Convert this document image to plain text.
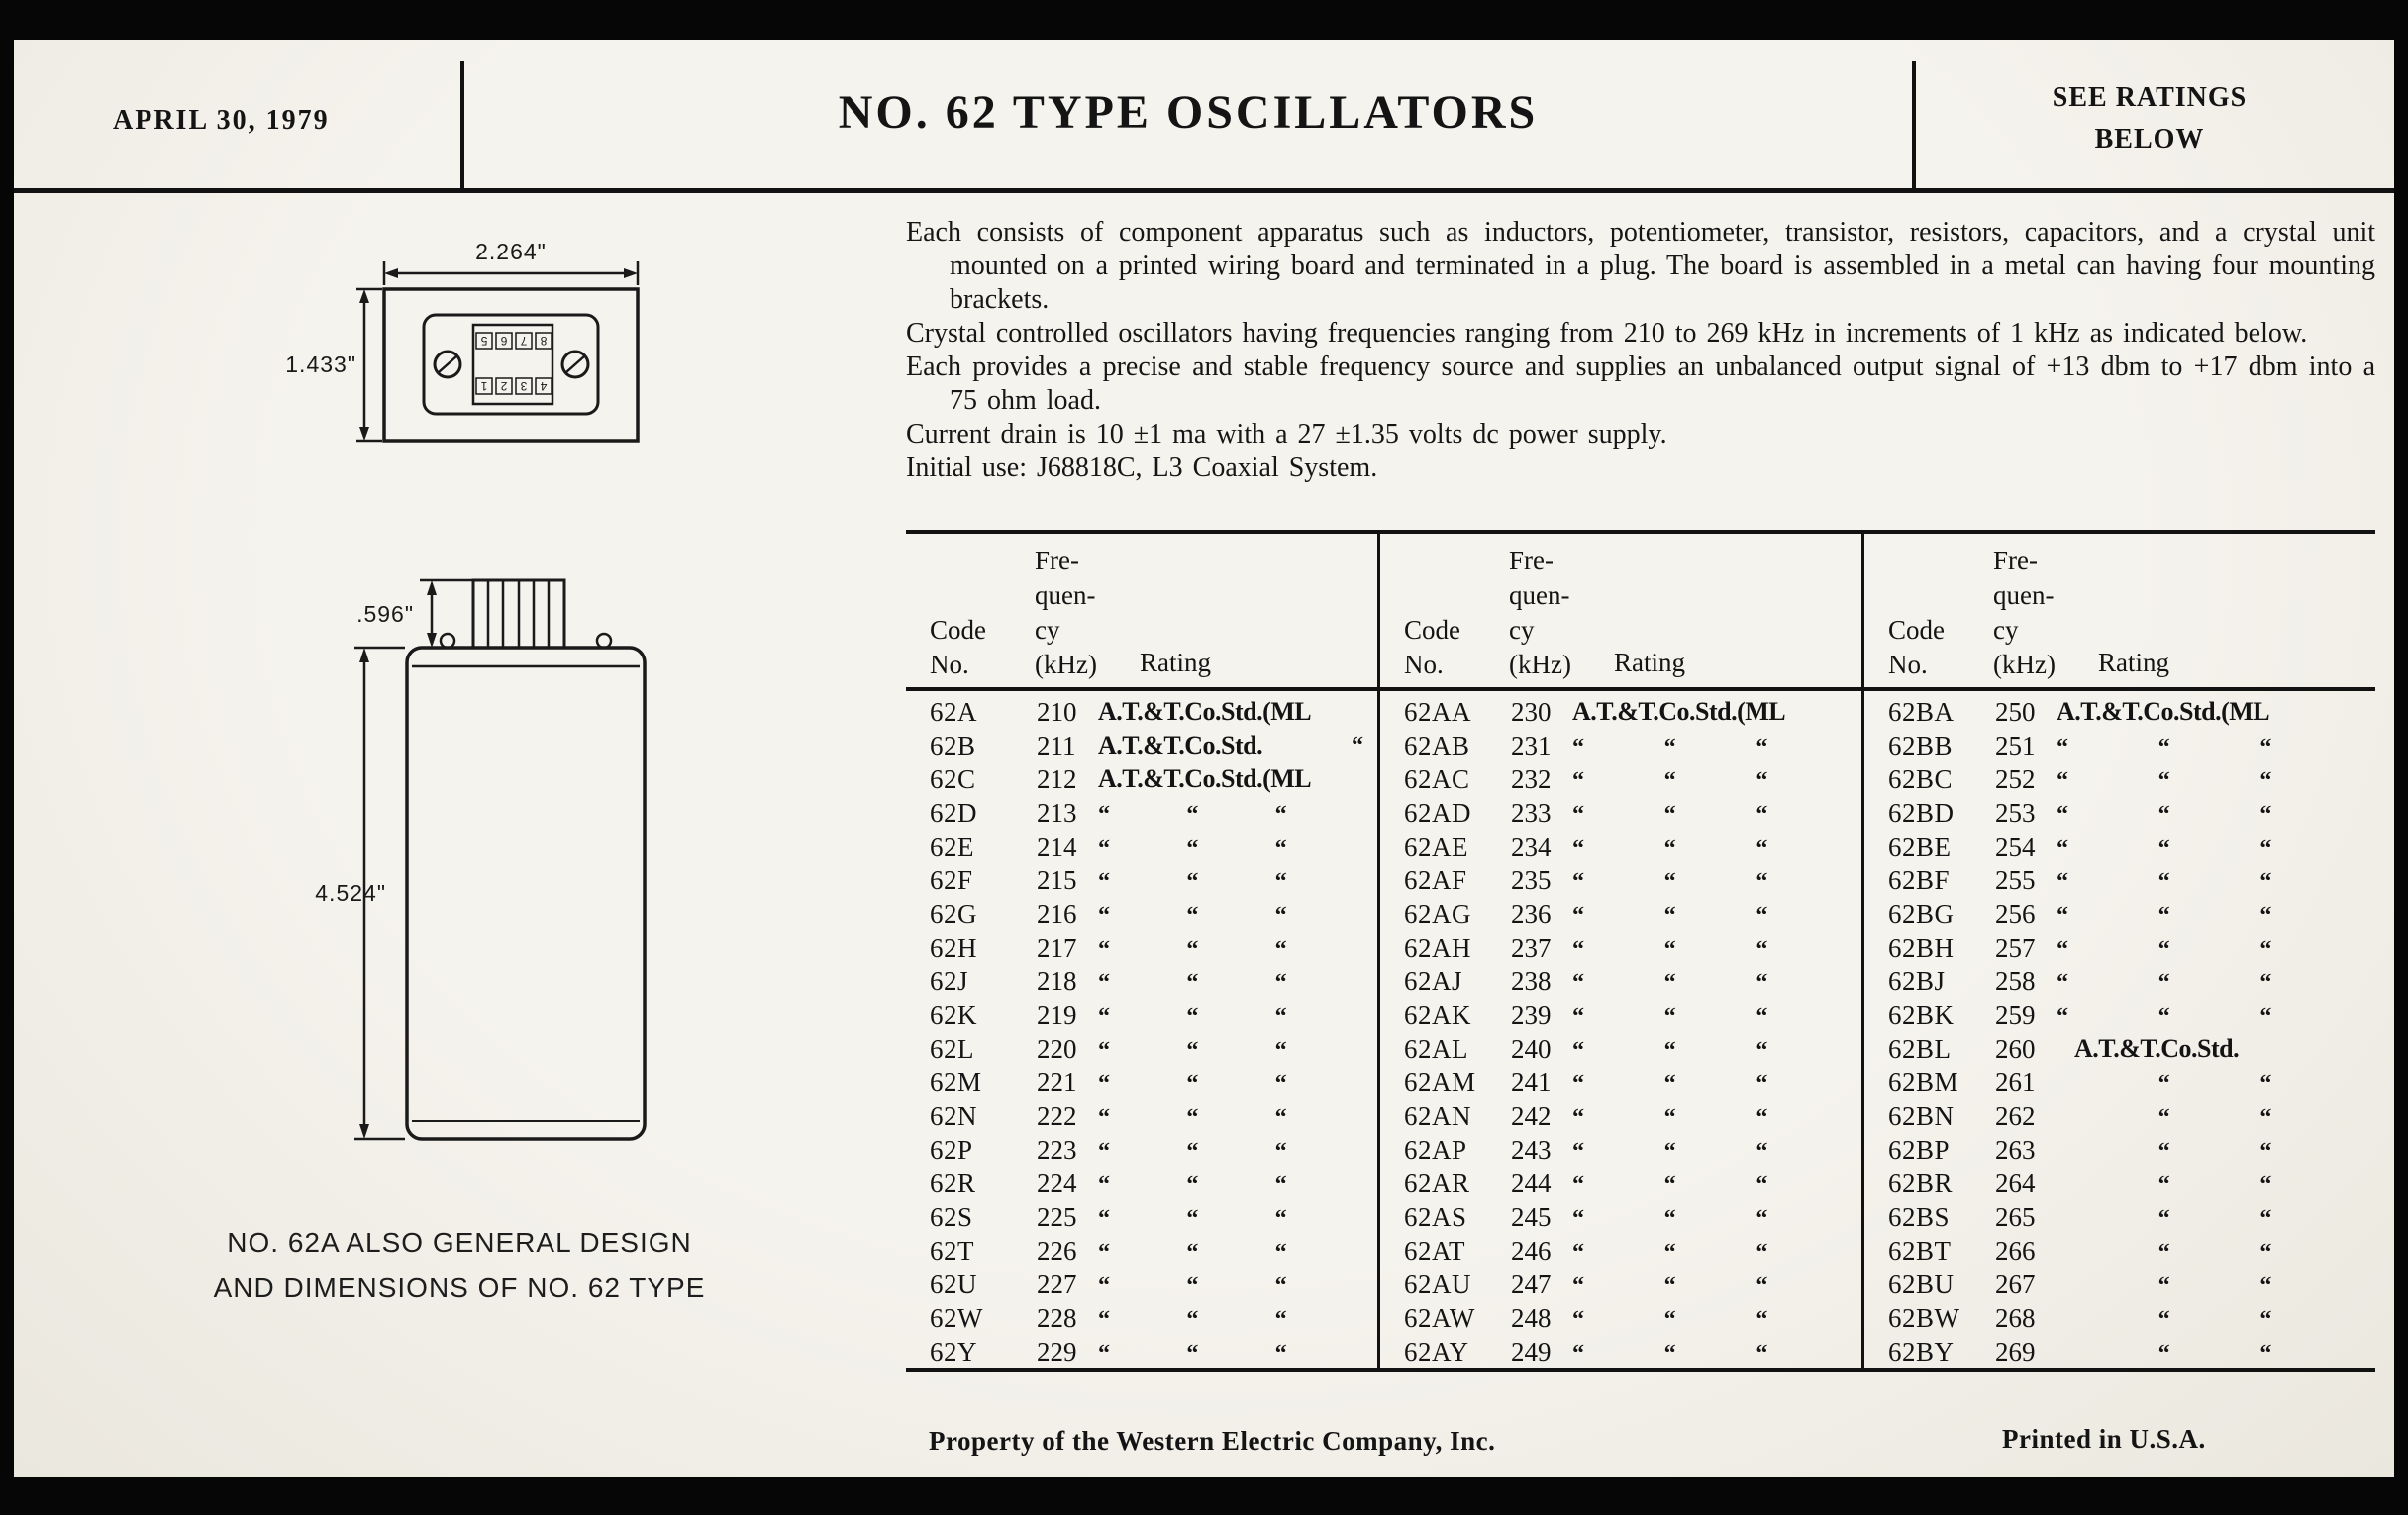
APRIL 30, 1979	NO. 62 TYPE OSCILLATORS	SEE RATINGS
BELOW
2.264"
5 6 7 8
1 2 3 4
1.433"
.596"
4.524"
NO. 62A ALSO GENERAL DESIGN
AND DIMENSIONS OF NO. 62 TYPE

Each consists of component apparatus such as inductors, potentiometer, transistor, resistors, capacitors, and a crystal unit mounted on a printed wiring board and terminated in a plug. The board is assembled in a metal can having four mounting brackets.

Crystal controlled oscillators having frequencies ranging from 210 to 269 kHz in increments of 1 kHz as indicated below.

Each provides a precise and stable frequency source and supplies an unbalanced output signal of +13 dbm to +17 dbm into a 75 ohm load.

Current drain is 10 ±1 ma with a 27 ±1.35 volts dc power supply.

Initial use: J68818C, L3 Coaxial System.

Fre-
quen-
cy
(kHz)
Code
No.	Rating
62A	210 A.T.&T.Co.Std.(ML
62B	211 A.T.&T.Co.Std.	“
62C	212 A.T.&T.Co.Std.(ML
62D	213 “	“	“
62E	214 “	“	“
62F	215 “	“	“
62G	216 “	“	“
62H	217 “	“	“
62J	218 “	“	“
62K	219 “	“	“
62L	220 “	“	“
62M	221 “	“	“
62N	222 “	“	“
62P	223 “	“	“
62R	224 “	“	“
62S	225 “	“	“
62T	226 “	“	“
62U	227 “	“	“
62W	228 “	“	“
62Y	229 “	“	“
Fre-
quen-
cy
(kHz)
Code
No.	Rating
62AA	230 A.T.&T.Co.Std.(ML
62AB	231 “	“	“
62AC	232 “	“	“
62AD	233 “	“	“
62AE	234 “	“	“
62AF	235 “	“	“
62AG	236 “	“	“
62AH	237 “	“	“
62AJ	238 “	“	“
62AK	239 “	“	“
62AL	240 “	“	“
62AM	241 “	“	“
62AN	242 “	“	“
62AP	243 “	“	“
62AR	244 “	“	“
62AS	245 “	“	“
62AT	246 “	“	“
62AU	247 “	“	“
62AW	248 “	“	“
62AY	249 “	“	“
Fre-
quen-
cy
(kHz)
Code
No.	Rating
62BA	250 A.T.&T.Co.Std.(ML
62BB	251 “	“	“
62BC	252 “	“	“
62BD	253 “	“	“
62BE	254 “	“	“
62BF	255 “	“	“
62BG	256 “	“	“
62BH	257 “	“	“
62BJ	258 “	“	“
62BK	259 “	“	“
62BL	260	A.T.&T.Co.Std.
62BM	261	“	“
62BN	262	“	“
62BP	263	“	“
62BR	264	“	“
62BS	265	“	“
62BT	266	“	“
62BU	267	“	“
62BW	268	“	“
62BY	269	“	“
Property of the Western Electric Company, Inc.	Printed in U.S.A.
